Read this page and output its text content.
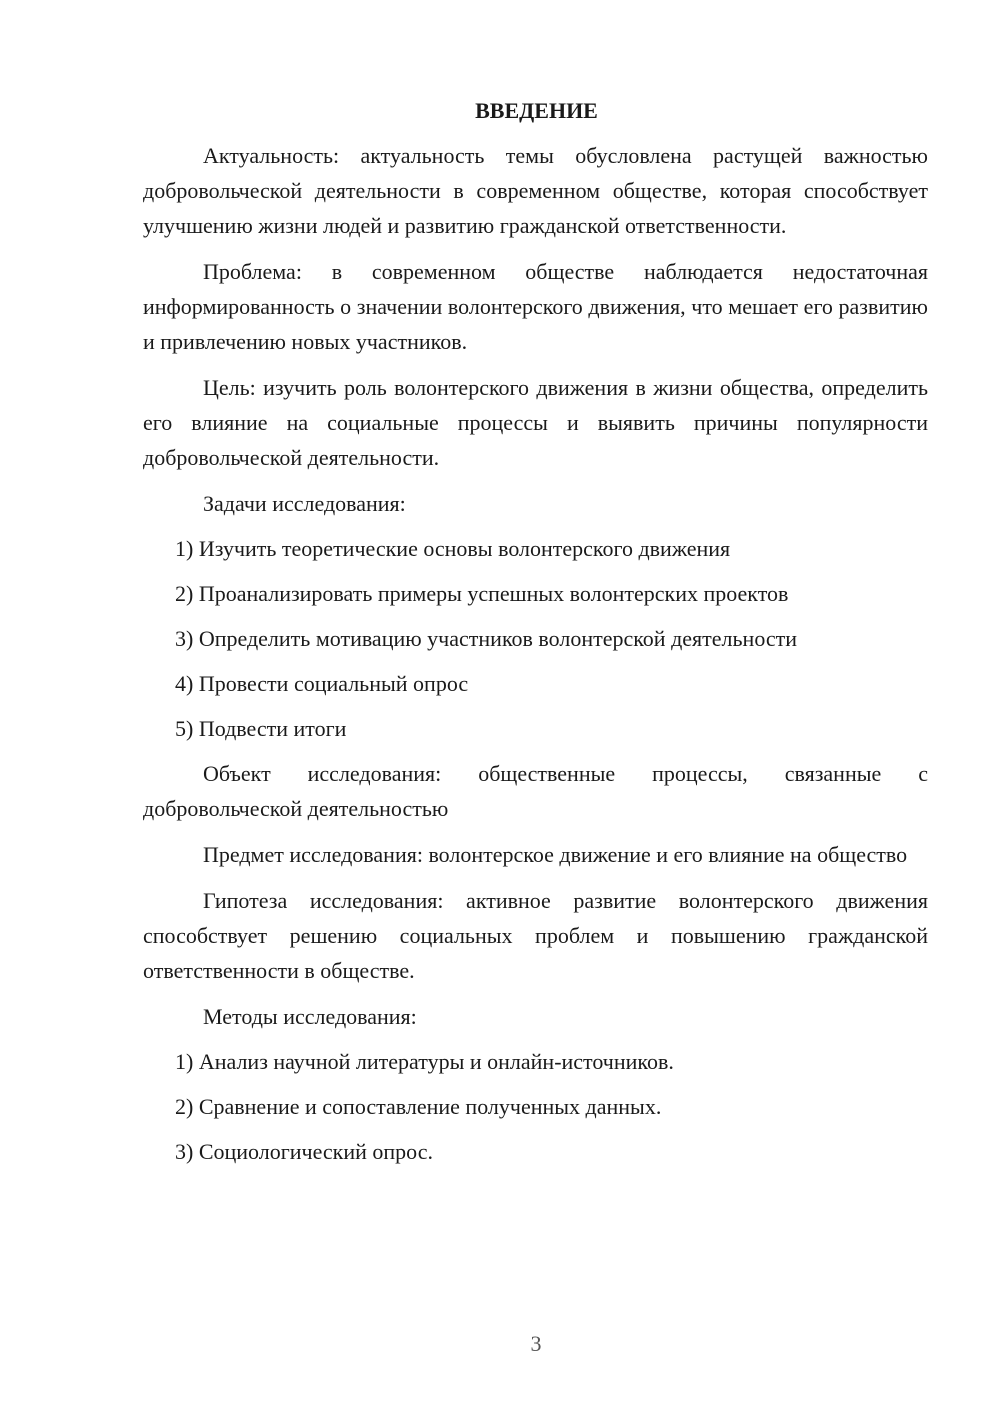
ВВЕДЕНИЕ

Актуальность: актуальность темы обусловлена растущей важностью добровольческой деятельности в современном обществе, которая способствует улучшению жизни людей и развитию гражданской ответственности.

Проблема: в современном обществе наблюдается недостаточная информированность о значении волонтерского движения, что мешает его развитию и привлечению новых участников.

Цель: изучить роль волонтерского движения в жизни общества, определить его влияние на социальные процессы и выявить причины популярности добровольческой деятельности.

Задачи исследования:

1) Изучить теоретические основы волонтерского движения
2) Проанализировать примеры успешных волонтерских проектов
3) Определить мотивацию участников волонтерской деятельности
4) Провести социальный опрос
5) Подвести итоги

Объект исследования: общественные процессы, связанные с добровольческой деятельностью

Предмет исследования: волонтерское движение и его влияние на общество

Гипотеза исследования: активное развитие волонтерского движения способствует решению социальных проблем и повышению гражданской ответственности в обществе.

Методы исследования:

1) Анализ научной литературы и онлайн-источников.
2) Сравнение и сопоставление полученных данных.
3) Социологический опрос.
3
